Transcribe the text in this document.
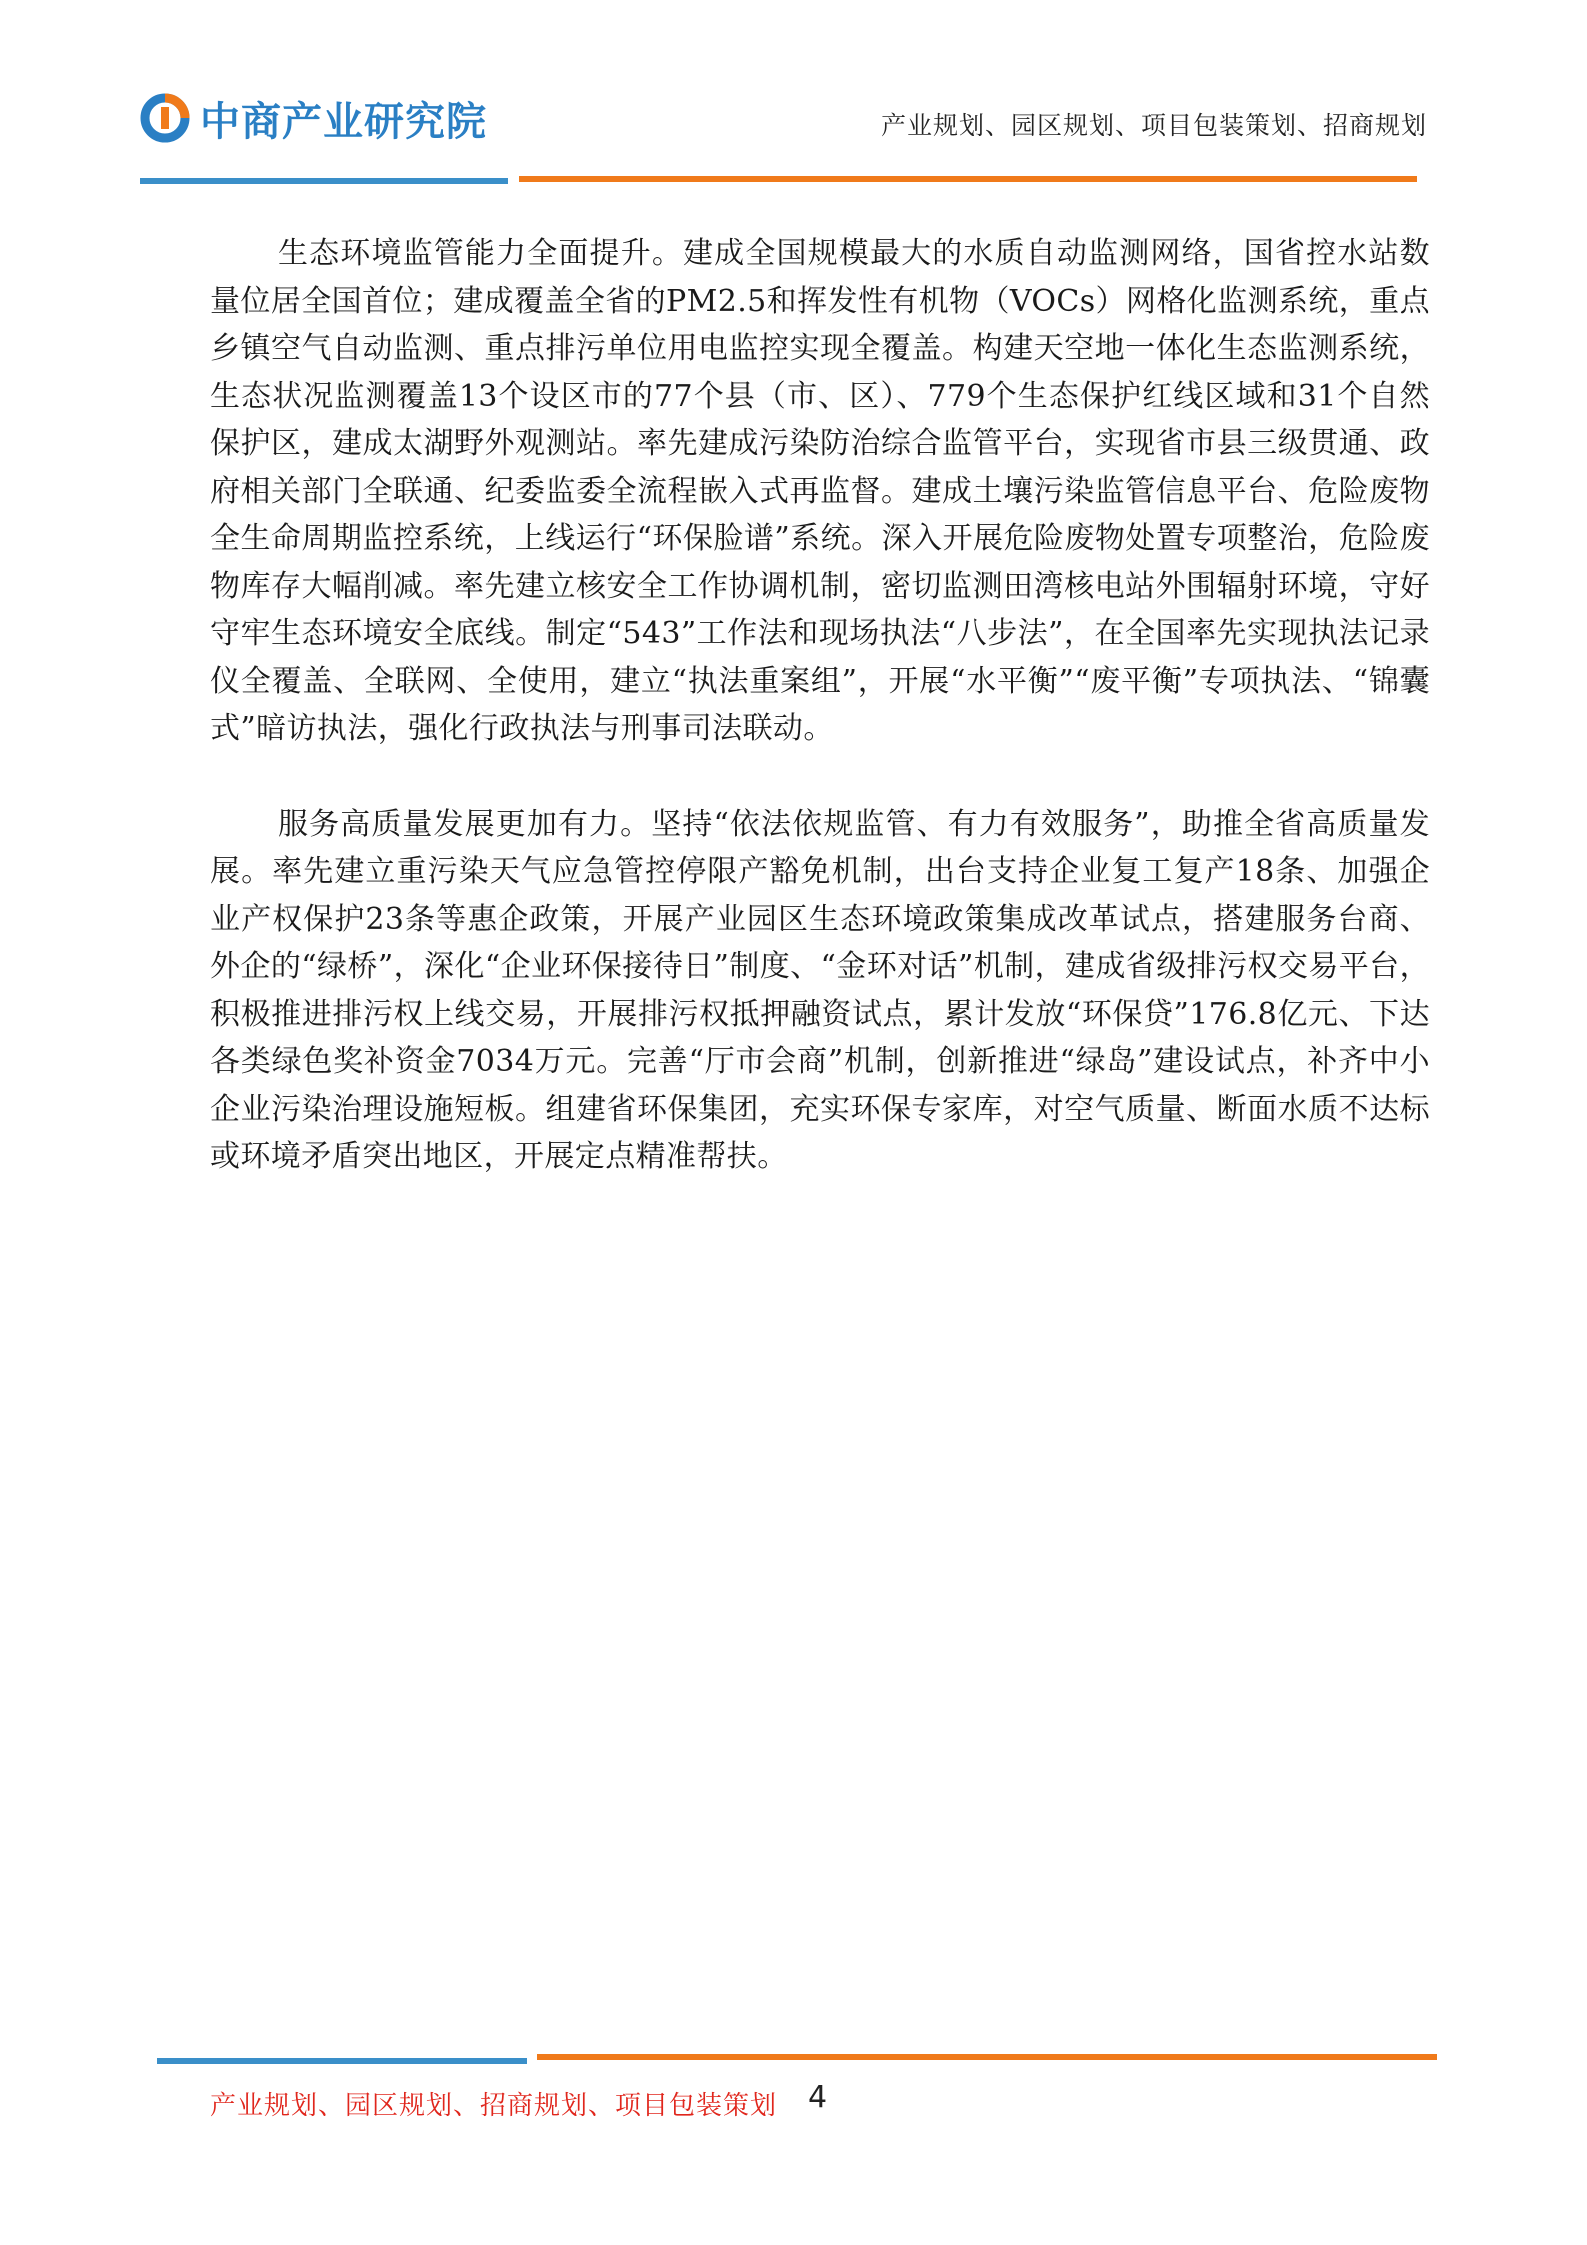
中商产业研究院	产业规划、园区规划、项目包装策划、招商规划

生态环境监管能力全面提升。建成全国规模最大的水质自动监测网络，国省控水站数量位居全国首位；建成覆盖全省的PM2.5和挥发性有机物（VOCs）网格化监测系统，重点乡镇空气自动监测、重点排污单位用电监控实现全覆盖。构建天空地一体化生态监测系统，生态状况监测覆盖13个设区市的77个县（市、区）、779个生态保护红线区域和31个自然保护区，建成太湖野外观测站。率先建成污染防治综合监管平台，实现省市县三级贯通、政府相关部门全联通、纪委监委全流程嵌入式再监督。建成土壤污染监管信息平台、危险废物全生命周期监控系统，上线运行“环保脸谱”系统。深入开展危险废物处置专项整治，危险废物库存大幅削减。率先建立核安全工作协调机制，密切监测田湾核电站外围辐射环境，守好守牢生态环境安全底线。制定“543”工作法和现场执法“八步法”，在全国率先实现执法记录仪全覆盖、全联网、全使用，建立“执法重案组”，开展“水平衡”“废平衡”专项执法、“锦囊式”暗访执法，强化行政执法与刑事司法联动。

服务高质量发展更加有力。坚持“依法依规监管、有力有效服务”，助推全省高质量发展。率先建立重污染天气应急管控停限产豁免机制，出台支持企业复工复产18条、加强企业产权保护23条等惠企政策，开展产业园区生态环境政策集成改革试点，搭建服务台商、外企的“绿桥”，深化“企业环保接待日”制度、“金环对话”机制，建成省级排污权交易平台，积极推进排污权上线交易，开展排污权抵押融资试点，累计发放“环保贷”176.8亿元、下达各类绿色奖补资金7034万元。完善“厅市会商”机制，创新推进“绿岛”建设试点，补齐中小企业污染治理设施短板。组建省环保集团，充实环保专家库，对空气质量、断面水质不达标或环境矛盾突出地区，开展定点精准帮扶。

产业规划、园区规划、招商规划、项目包装策划 4
